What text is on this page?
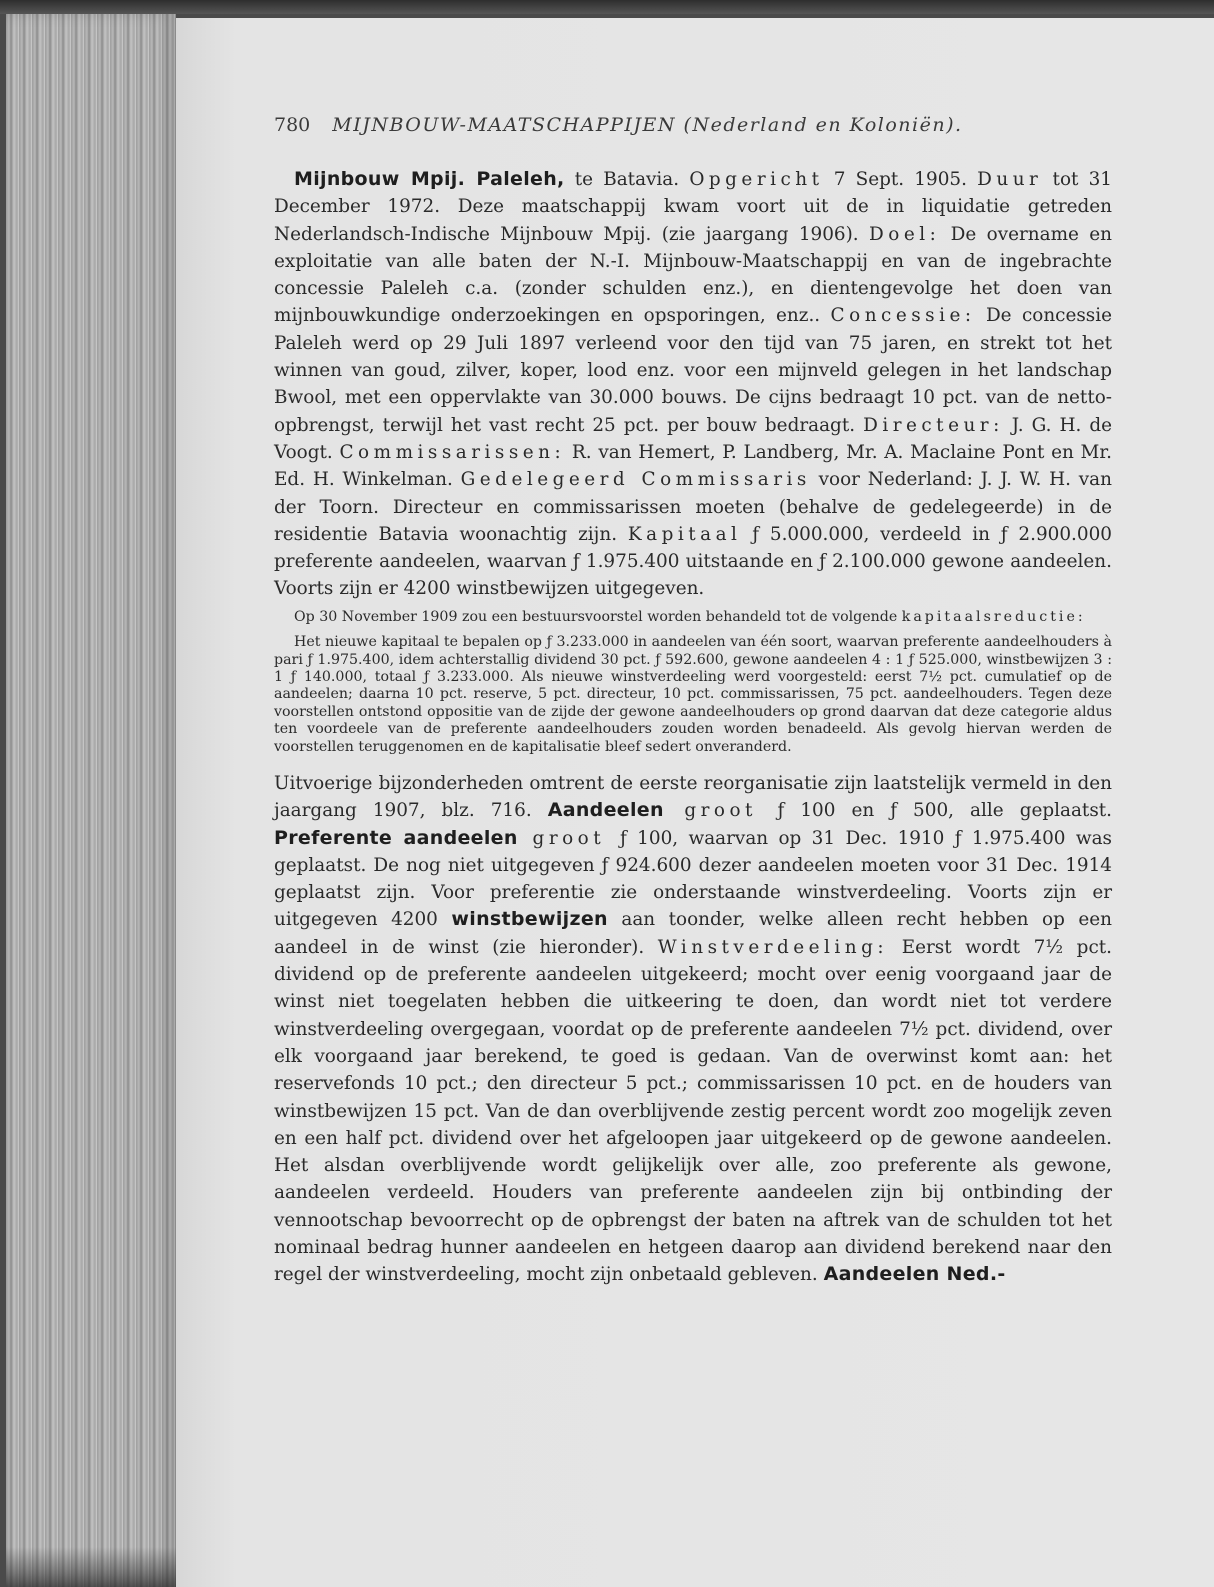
780 MIJNBOUW-MAATSCHAPPIJEN (Nederland en Koloniën).

Mijnbouw Mpij. Paleleh, te Batavia. Opgericht 7 Sept. 1905. Duur tot 31 December 1972. Deze maatschappij kwam voort uit de in liquidatie getreden Nederlandsch-Indische Mijnbouw Mpij. (zie jaargang 1906). Doel: De overname en exploitatie van alle baten der N.-I. Mijnbouw-Maatschappij en van de ingebrachte concessie Paleleh c.a. (zonder schulden enz.), en dientengevolge het doen van mijnbouwkundige onderzoekingen en opsporingen, enz.. Concessie: De concessie Paleleh werd op 29 Juli 1897 verleend voor den tijd van 75 jaren, en strekt tot het winnen van goud, zilver, koper, lood enz. voor een mijnveld gelegen in het landschap Bwool, met een oppervlakte van 30.000 bouws. De cijns bedraagt 10 pct. van de netto-opbrengst, terwijl het vast recht 25 pct. per bouw bedraagt. Directeur: J. G. H. de Voogt. Commissarissen: R. van Hemert, P. Landberg, Mr. A. Maclaine Pont en Mr. Ed. H. Winkelman. Gedelegeerd Commissaris voor Nederland: J. J. W. H. van der Toorn. Directeur en commissarissen moeten (behalve de gedelegeerde) in de residentie Batavia woonachtig zijn. Kapitaal ƒ 5.000.000, verdeeld in ƒ 2.900.000 preferente aandeelen, waarvan ƒ 1.975.400 uitstaande en ƒ 2.100.000 gewone aandeelen. Voorts zijn er 4200 winstbewijzen uitgegeven.

Op 30 November 1909 zou een bestuursvoorstel worden behandeld tot de volgende kapitaalsreductie:

Het nieuwe kapitaal te bepalen op ƒ 3.233.000 in aandeelen van één soort, waarvan preferente aandeelhouders à pari ƒ 1.975.400, idem achterstallig dividend 30 pct. ƒ 592.600, gewone aandeelen 4 : 1 ƒ 525.000, winstbewijzen 3 : 1 ƒ 140.000, totaal ƒ 3.233.000. Als nieuwe winstverdeeling werd voorgesteld: eerst 7½ pct. cumulatief op de aandeelen; daarna 10 pct. reserve, 5 pct. directeur, 10 pct. commissarissen, 75 pct. aandeelhouders. Tegen deze voorstellen ontstond oppositie van de zijde der gewone aandeelhouders op grond daarvan dat deze categorie aldus ten voordeele van de preferente aandeelhouders zouden worden benadeeld. Als gevolg hiervan werden de voorstellen teruggenomen en de kapitalisatie bleef sedert onveranderd.

Uitvoerige bijzonderheden omtrent de eerste reorganisatie zijn laatstelijk vermeld in den jaargang 1907, blz. 716. Aandeelen groot ƒ 100 en ƒ 500, alle geplaatst. Preferente aandeelen groot ƒ 100, waarvan op 31 Dec. 1910 ƒ 1.975.400 was geplaatst. De nog niet uitgegeven ƒ 924.600 dezer aandeelen moeten voor 31 Dec. 1914 geplaatst zijn. Voor preferentie zie onderstaande winstverdeeling. Voorts zijn er uitgegeven 4200 winstbewijzen aan toonder, welke alleen recht hebben op een aandeel in de winst (zie hieronder). Winstverdeeling: Eerst wordt 7½ pct. dividend op de preferente aandeelen uitgekeerd; mocht over eenig voorgaand jaar de winst niet toegelaten hebben die uitkeering te doen, dan wordt niet tot verdere winstverdeeling overgegaan, voordat op de preferente aandeelen 7½ pct. dividend, over elk voorgaand jaar berekend, te goed is gedaan. Van de overwinst komt aan: het reservefonds 10 pct.; den directeur 5 pct.; commissarissen 10 pct. en de houders van winstbewijzen 15 pct. Van de dan overblijvende zestig percent wordt zoo mogelijk zeven en een half pct. dividend over het afgeloopen jaar uitgekeerd op de gewone aandeelen. Het alsdan overblijvende wordt gelijkelijk over alle, zoo preferente als gewone, aandeelen verdeeld. Houders van preferente aandeelen zijn bij ontbinding der vennootschap bevoorrecht op de opbrengst der baten na aftrek van de schulden tot het nominaal bedrag hunner aandeelen en hetgeen daarop aan dividend berekend naar den regel der winstverdeeling, mocht zijn onbetaald gebleven. Aandeelen Ned.-
